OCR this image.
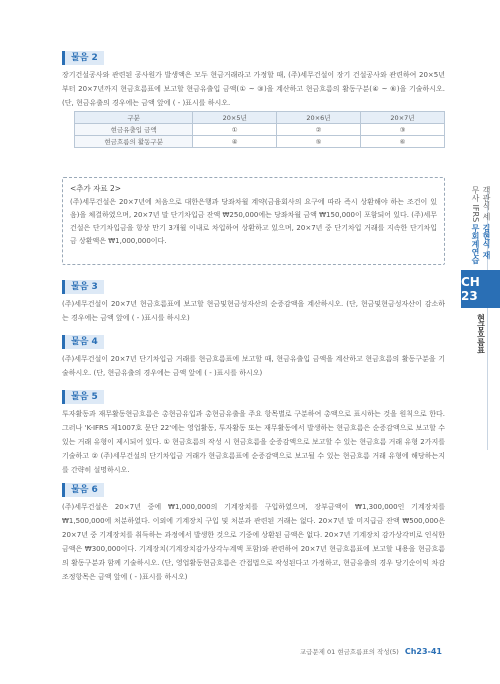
물음 2
장기건설공사와 관련된 공사원가 발생액은 모두 현금거래라고 가정할 때, (주)세무건설이 장기 건설공사와 관련하여 20×5년부터 20×7년까지 현금흐름표에 보고할 현금유출입 금액(① ~ ③)을 계산하고 현금흐름의 활동구분(④ ~ ⑥)을 기술하시오. (단, 현금유출의 경우에는 금액 앞에 ( - )표시를 하시오.
구분	20×5년	20×6년	20×7년
현금유출입 금액	①	②	③
현금흐름의 활동구분	④	⑤	⑥
<추가 자료 2>
(주)세무건설은 20×7년에 처음으로 대한은행과 당좌차월 계약(금융회사의 요구에 따라 즉시 상환해야 하는 조건이 있음)을 체결하였으며, 20×7년 말 단기차입금 잔액 ₩250,000에는 당좌차월 금액 ₩150,000이 포함되어 있다. (주)세무건설은 단기차입금을 항상 만기 3개월 이내로 차입하여 상환하고 있으며, 20×7년 중 단기차입 거래를 지속한 단기차입금 상환액은 ₩1,000,000이다.
물음 3
(주)세무건설이 20×7년 현금흐름표에 보고할 현금및현금성자산의 순증감액을 계산하시오. (단, 현금및현금성자산이 감소하는 경우에는 금액 앞에 ( - )표시를 하시오)
물음 4
(주)세무건설이 20×7년 단기차입금 거래를 현금흐름표에 보고할 때, 현금유출입 금액을 계산하고 현금흐름의 활동구분을 기술하시오. (단, 현금유출의 경우에는 금액 앞에 ( - )표시를 하시오)
물음 5
투자활동과 재무활동현금흐름은 총현금유입과 총현금유출을 주요 항목별로 구분하여 총액으로 표시하는 것을 원칙으로 한다. 그러나 'K-IFRS 제1007호 문단 22'에는 영업활동, 투자활동 또는 재무활동에서 발생하는 현금흐름은 순증감액으로 보고할 수 있는 거래 유형이 제시되어 있다. ① 현금흐름의 작성 시 현금흐름을 순증감액으로 보고할 수 있는 현금흐름 거래 유형 2가지를 기술하고 ② (주)세무건설의 단기차입금 거래가 현금흐름표에 순증감액으로 보고될 수 있는 현금흐름 거래 유형에 해당하는지를 간략히 설명하시오.
물음 6
(주)세무건설은 20×7년 중에 ₩1,000,000의 기계장치를 구입하였으며, 장부금액이 ₩1,300,000인 기계장치를 ₩1,500,000에 처분하였다. 이외에 기계장치 구입 및 처분과 관련된 거래는 없다. 20×7년 말 미지급금 잔액 ₩500,000은 20×7년 중 기계장치를 취득하는 과정에서 발생한 것으로 기중에 상환된 금액은 없다. 20×7년 기계장치 감가상각비로 인식한 금액은 ₩300,000이다. 기계장치(기계장치감가상각누계액 포함)와 관련하여 20×7년 현금흐름표에 보고할 내용을 현금흐름의 활동구분과 함께 기술하시오. (단, 영업활동현금흐름은 간접법으로 작성된다고 가정하고, 현금유출의 경우 당기순이익 차감 조정항목은 금액 앞에 ( - )표시를 하시오)
객관식 세무사 IFRS
김현식 재무회계연습
CH 23
현금흐름표
교급문제 01 현금흐름표의 작성(5) Ch23-41
